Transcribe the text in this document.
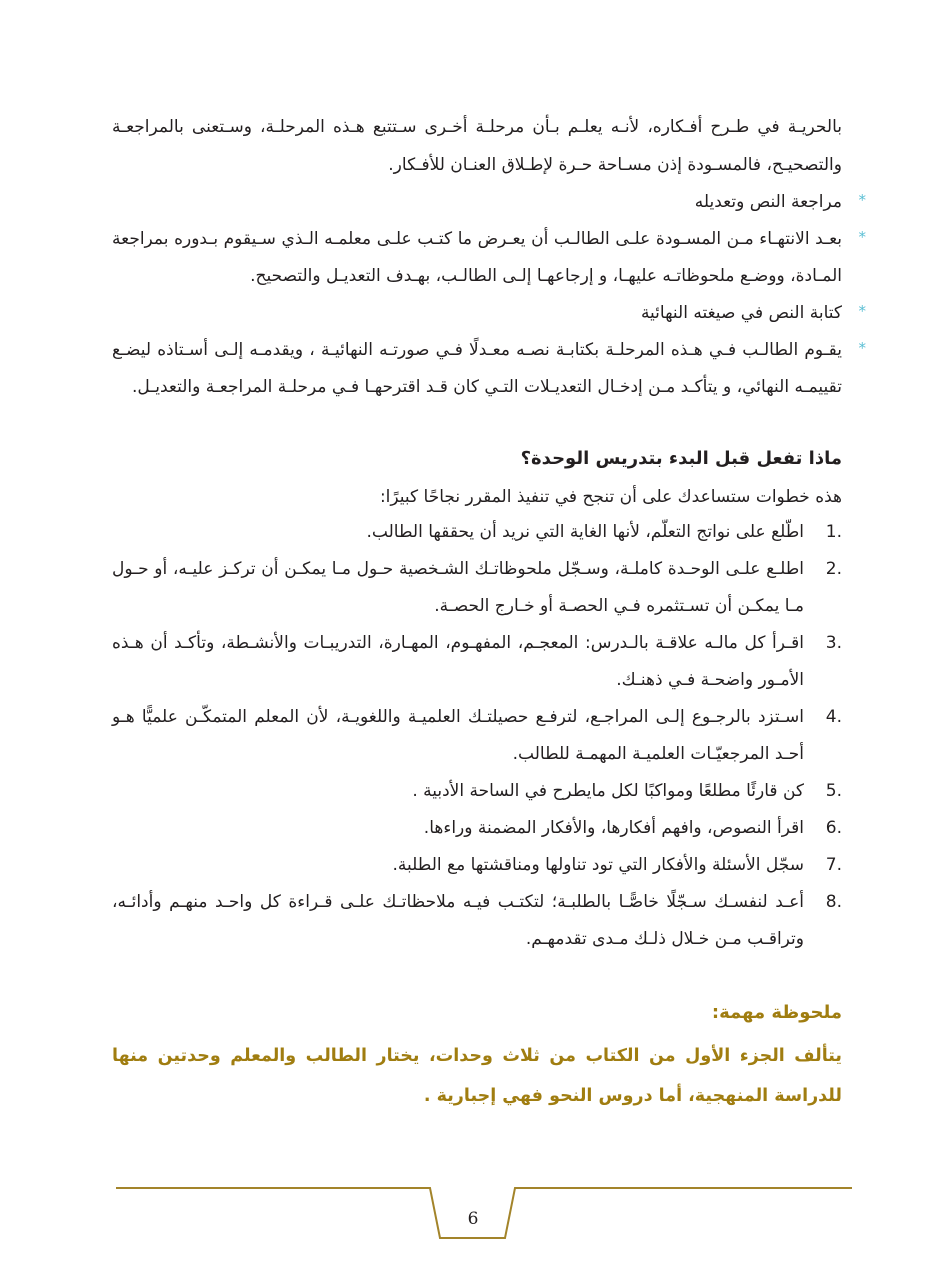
بالحريـة في طـرح أفـكاره، لأنـه يعلـم بـأن مرحلـة أخـرى سـتتبع هـذه المرحلـة، وسـتعنى بالمراجعـة والتصحيـح، فالمسـودة إذن مسـاحة حـرة لإطـلاق العنـان للأفـكار.

*
مراجعة النص وتعديله

*
بعـد الانتهـاء مـن المسـودة علـى الطالـب أن يعـرض ما كتـب علـى معلمـه الـذي سـيقوم بـدوره بمراجعة المـادة، ووضـع ملحوظاتـه عليهـا، و إرجاعهـا إلـى الطالـب، بهـدف التعديـل والتصحيح.

*
كتابة النص في صيغته النهائية

*
يقـوم الطالـب فـي هـذه المرحلـة بكتابـة نصـه معـدلًا فـي صورتـه النهائيـة ، ويقدمـه إلـى أسـتاذه ليضـع تقييمـه النهائي، و يتأكـد مـن إدخـال التعديـلات التـي كان قـد اقترحهـا فـي مرحلـة المراجعـة والتعديـل.

ماذا تفعل قبل البدء بتدريس الوحدة؟

هذه خطوات ستساعدك على أن تنجح في تنفيذ المقرر نجاحًا كبيرًا:

1.
اطّلع على نواتج التعلّم، لأنها الغاية التي نريد أن يحققها الطالب.

2.
اطلـع علـى الوحـدة كاملـة، وسـجّل ملحوظاتـك الشـخصية حـول مـا يمكـن أن تركـز عليـه، أو حـول مـا يمكـن أن تسـتثمره فـي الحصـة أو خـارج الحصـة.

3.
اقـرأ كل مالـه علاقـة بالـدرس: المعجـم، المفهـوم، المهـارة، التدريبـات والأنشـطة، وتأكـد أن هـذه الأمـور واضحـة فـي ذهنـك.

4.
اسـتزد بالرجـوع إلـى المراجـع، لترفـع حصيلتـك العلميـة واللغويـة، لأن المعلم المتمكّـن علميًّا هـو أحـد المرجعيّـات العلميـة المهمـة للطالب.

5.
كن قارئًا مطلعًا ومواكبًا لكل مايطرح في الساحة الأدبية .

6.
اقرأ النصوص، وافهم أفكارها، والأفكار المضمنة وراءها.

7.
سجّل الأسئلة والأفكار التي تود تناولها ومناقشتها مع الطلبة.

8.
أعـد لنفسـك سـجّلًا خاصًّـا بالطلبـة؛ لتكتـب فيـه ملاحظاتـك علـى قـراءة كل واحـد منهـم وأدائـه، وتراقـب مـن خـلال ذلـك مـدى تقدمهـم.

ملحوظة مهمة:

يتألف الجزء الأول من الكتاب من ثلاث وحدات، يختار الطالب والمعلم وحدتين منها للدراسة المنهجية، أما دروس النحو فهي إجبارية .

6
